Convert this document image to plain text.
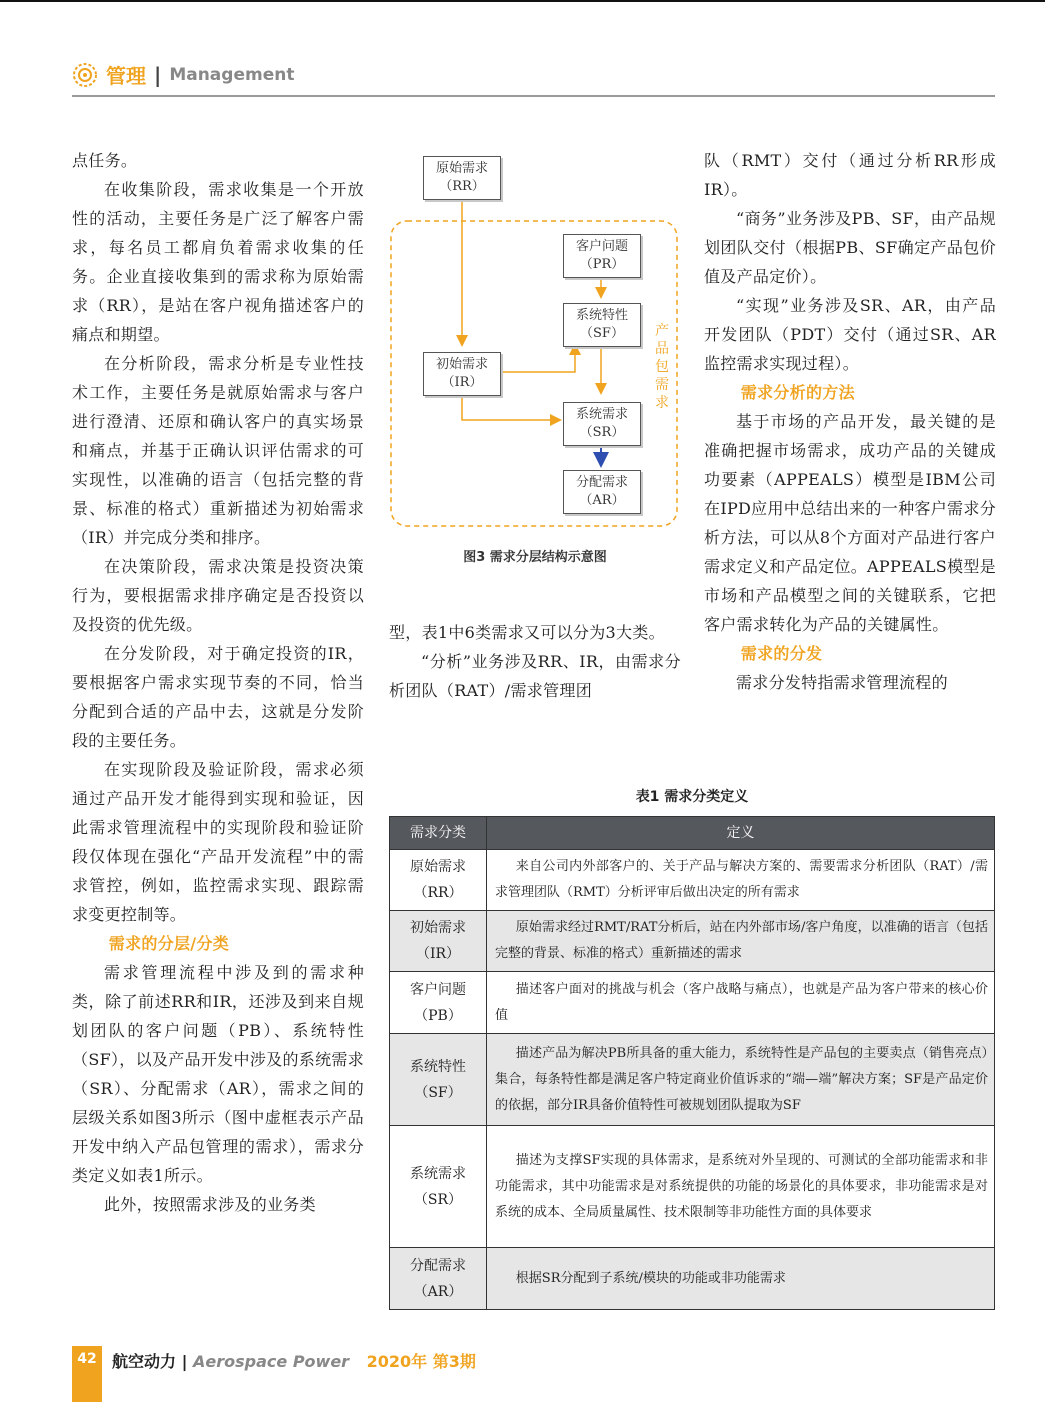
管理 | Management

点任务。

在收集阶段，需求收集是一个开放性的活动，主要任务是广泛了解客户需求，每名员工都肩负着需求收集的任务。企业直接收集到的需求称为原始需求（RR），是站在客户视角描述客户的痛点和期望。

在分析阶段，需求分析是专业性技术工作，主要任务是就原始需求与客户进行澄清、还原和确认客户的真实场景和痛点，并基于正确认识评估需求的可实现性，以准确的语言（包括完整的背景、标准的格式）重新描述为初始需求（IR）并完成分类和排序。

在决策阶段，需求决策是投资决策行为，要根据需求排序确定是否投资以及投资的优先级。

在分发阶段，对于确定投资的IR，要根据客户需求实现节奏的不同，恰当分配到合适的产品中去，这就是分发阶段的主要任务。

在实现阶段及验证阶段，需求必须通过产品开发才能得到实现和验证，因此需求管理流程中的实现阶段和验证阶段仅体现在强化“产品开发流程”中的需求管控，例如，监控需求实现、跟踪需求变更控制等。

需求的分层/分类

需求管理流程中涉及到的需求种类，除了前述RR和IR，还涉及到来自规划团队的客户问题（PB）、系统特性（SF），以及产品开发中涉及的系统需求（SR）、分配需求（AR），需求之间的层级关系如图3所示（图中虚框表示产品开发中纳入产品包管理的需求），需求分类定义如表1所示。

此外，按照需求涉及的业务类

原始需求
（RR）
客户问题
（PR）
系统特性
（SF）
初始需求
（IR）
系统需求
（SR）
分配需求
（AR）
产品包需求
图3 需求分层结构示意图

型，表1中6类需求又可以分为3大类。

“分析”业务涉及RR、IR，由需求分析团队（RAT）/需求管理团

队（RMT）交付（通过分析RR形成IR）。

“商务”业务涉及PB、SF，由产品规划团队交付（根据PB、SF确定产品包价值及产品定价）。

“实现”业务涉及SR、AR，由产品开发团队（PDT）交付（通过SR、AR监控需求实现过程）。

需求分析的方法

基于市场的产品开发，最关键的是准确把握市场需求，成功产品的关键成功要素（APPEALS）模型是IBM公司在IPD应用中总结出来的一种客户需求分析方法，可以从8个方面对产品进行客户需求定义和产品定位。APPEALS模型是市场和产品模型之间的关键联系，它把客户需求转化为产品的关键属性。

需求的分发

需求分发特指需求管理流程的

表1 需求分类定义
需求分类	定义

原始需求
（RR）	来自公司内外部客户的、关于产品与解决方案的、需要需求分析团队（RAT）/需求管理团队（RMT）分析评审后做出决定的所有需求

初始需求
（IR）	原始需求经过RMT/RAT分析后，站在内外部市场/客户角度，以准确的语言（包括完整的背景、标准的格式）重新描述的需求

客户问题
（PB）	描述客户面对的挑战与机会（客户战略与痛点），也就是产品为客户带来的核心价值

系统特性
（SF）	描述产品为解决PB所具备的重大能力，系统特性是产品包的主要卖点（销售亮点）集合，每条特性都是满足客户特定商业价值诉求的“端—端”解决方案；SF是产品定价的依据，部分IR具备价值特性可被规划团队提取为SF

系统需求
（SR）	描述为支撑SF实现的具体需求，是系统对外呈现的、可测试的全部功能需求和非功能需求，其中功能需求是对系统提供的功能的场景化的具体要求，非功能需求是对系统的成本、全局质量属性、技术限制等非功能性方面的具体要求

分配需求
（AR）	根据SR分配到子系统/模块的功能或非功能需求
42 航空动力 | Aerospace Power 2020年 第3期
